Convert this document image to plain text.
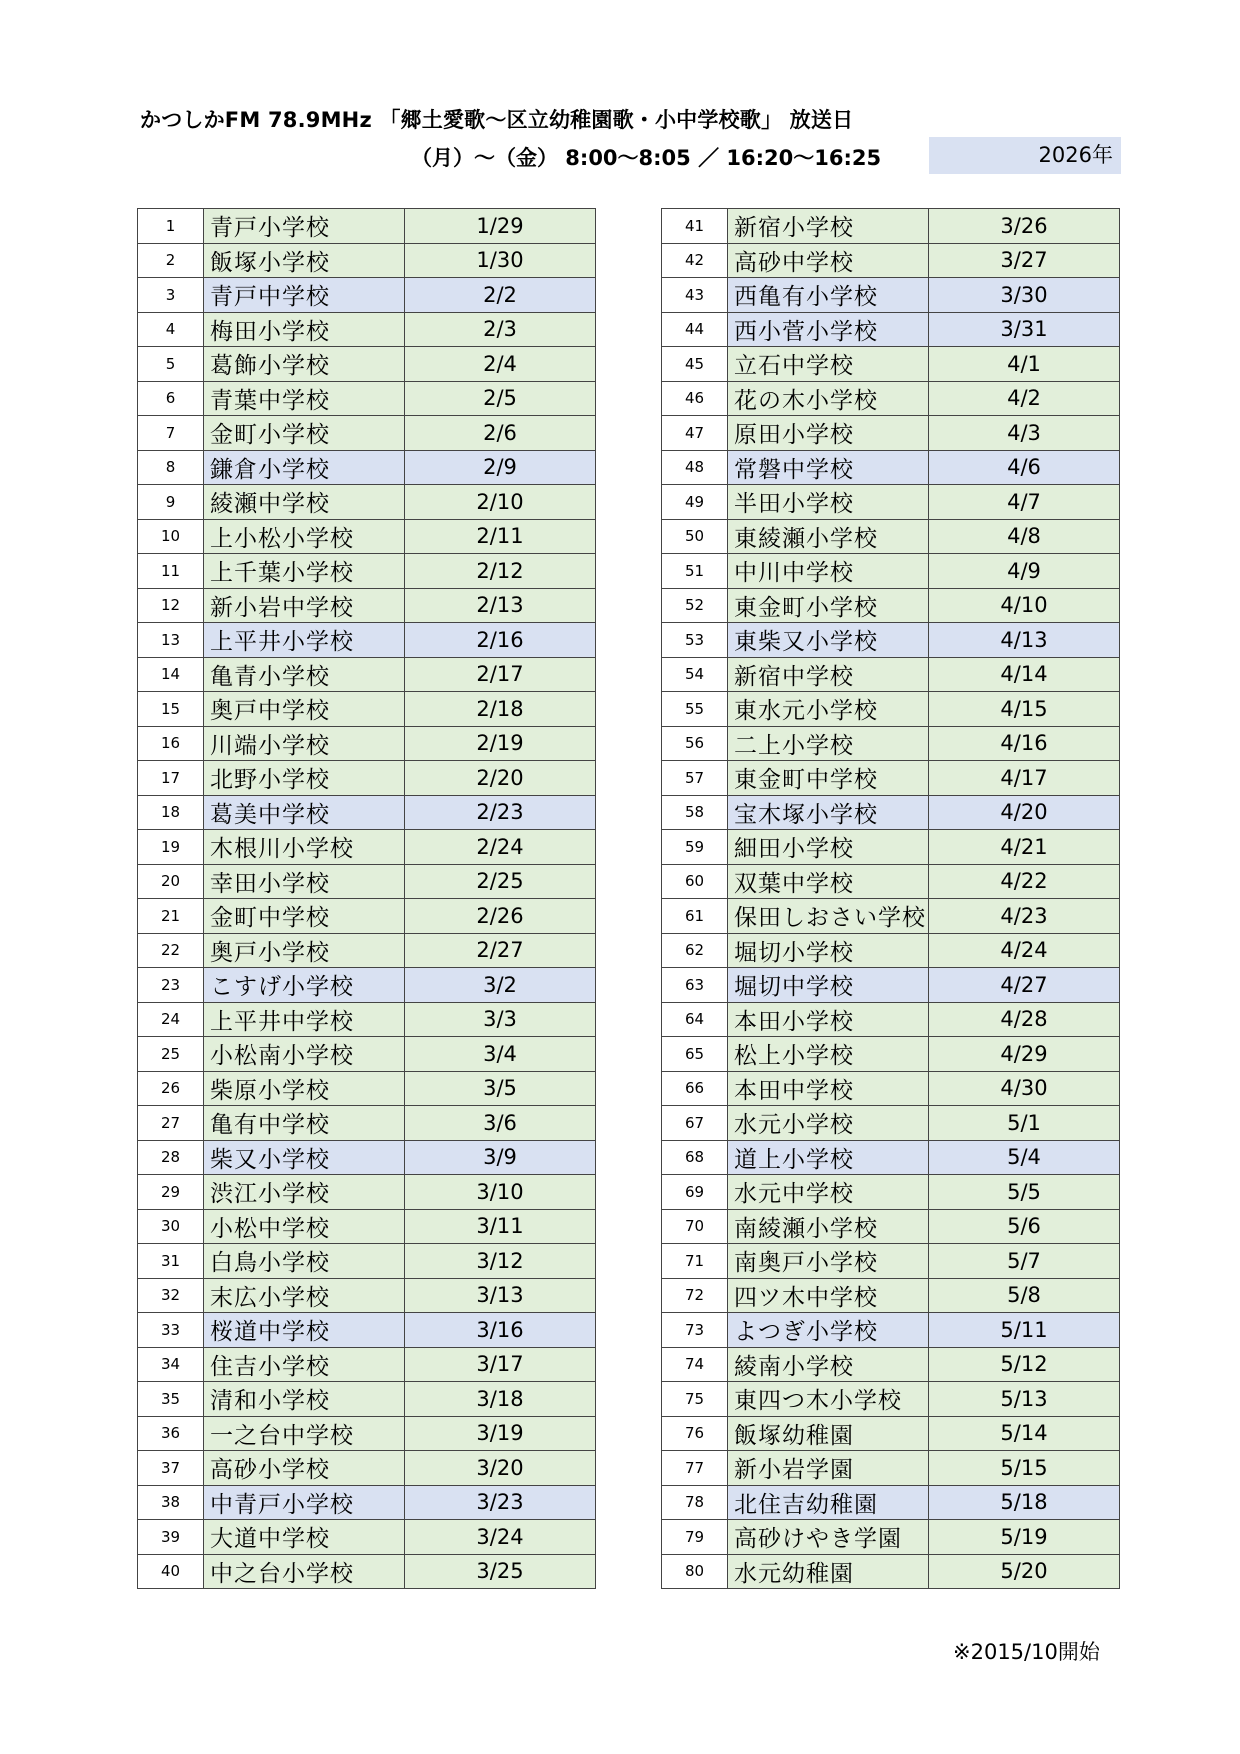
かつしかFM 78.9MHz 「郷土愛歌～区立幼稚園歌・小中学校歌」 放送日
（月）～（金） 8:00～8:05 ／ 16:20～16:25	2026年
1	青戸小学校	1/29
2	飯塚小学校	1/30
3	青戸中学校	2/2
4	梅田小学校	2/3
5	葛飾小学校	2/4
6	青葉中学校	2/5
7	金町小学校	2/6
8	鎌倉小学校	2/9
9	綾瀬中学校	2/10
10	上小松小学校	2/11
11	上千葉小学校	2/12
12	新小岩中学校	2/13
13	上平井小学校	2/16
14	亀青小学校	2/17
15	奥戸中学校	2/18
16	川端小学校	2/19
17	北野小学校	2/20
18	葛美中学校	2/23
19	木根川小学校	2/24
20	幸田小学校	2/25
21	金町中学校	2/26
22	奥戸小学校	2/27
23	こすげ小学校	3/2
24	上平井中学校	3/3
25	小松南小学校	3/4
26	柴原小学校	3/5
27	亀有中学校	3/6
28	柴又小学校	3/9
29	渋江小学校	3/10
30	小松中学校	3/11
31	白鳥小学校	3/12
32	末広小学校	3/13
33	桜道中学校	3/16
34	住吉小学校	3/17
35	清和小学校	3/18
36	一之台中学校	3/19
37	高砂小学校	3/20
38	中青戸小学校	3/23
39	大道中学校	3/24
40	中之台小学校	3/25
41	新宿小学校	3/26
42	高砂中学校	3/27
43	西亀有小学校	3/30
44	西小菅小学校	3/31
45	立石中学校	4/1
46	花の木小学校	4/2
47	原田小学校	4/3
48	常磐中学校	4/6
49	半田小学校	4/7
50	東綾瀬小学校	4/8
51	中川中学校	4/9
52	東金町小学校	4/10
53	東柴又小学校	4/13
54	新宿中学校	4/14
55	東水元小学校	4/15
56	二上小学校	4/16
57	東金町中学校	4/17
58	宝木塚小学校	4/20
59	細田小学校	4/21
60	双葉中学校	4/22
61	保田しおさい学校	4/23
62	堀切小学校	4/24
63	堀切中学校	4/27
64	本田小学校	4/28
65	松上小学校	4/29
66	本田中学校	4/30
67	水元小学校	5/1
68	道上小学校	5/4
69	水元中学校	5/5
70	南綾瀬小学校	5/6
71	南奥戸小学校	5/7
72	四ツ木中学校	5/8
73	よつぎ小学校	5/11
74	綾南小学校	5/12
75	東四つ木小学校	5/13
76	飯塚幼稚園	5/14
77	新小岩学園	5/15
78	北住吉幼稚園	5/18
79	高砂けやき学園	5/19
80	水元幼稚園	5/20
※2015/10開始
